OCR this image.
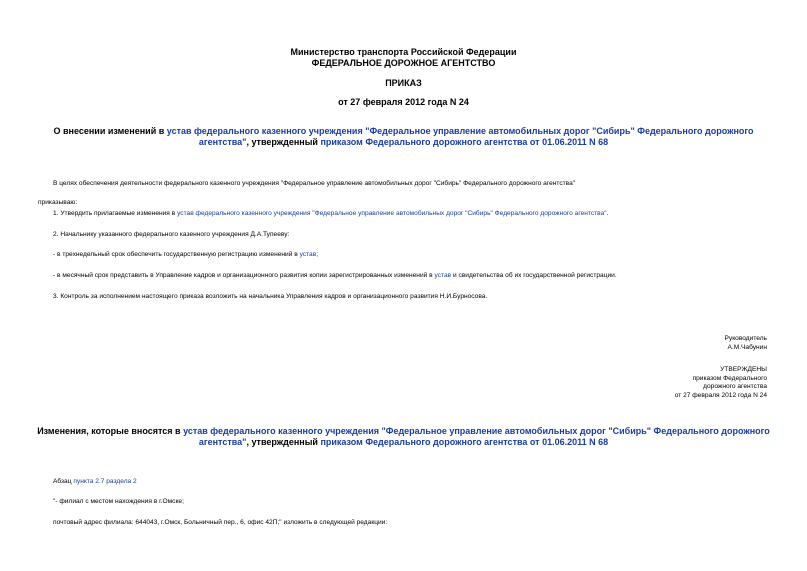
Министерство транспорта Российской Федерации
ФЕДЕРАЛЬНОЕ ДОРОЖНОЕ АГЕНТСТВО
ПРИКАЗ
от 27 февраля 2012 года N 24
О внесении изменений в устав федерального казенного учреждения "Федеральное управление автомобильных дорог "Сибирь" Федерального дорожного
агентства", утвержденный приказом Федерального дорожного агентства от 01.06.2011 N 68
В целях обеспечения деятельности федерального казенного учреждения "Федеральное управление автомобильных дорог "Сибирь" Федерального дорожного агентства"
приказываю:
1. Утвердить прилагаемые изменения в устав федерального казенного учреждения "Федеральное управление автомобильных дорог "Сибирь" Федерального дорожного агентства".
2. Начальнику указанного федерального казенного учреждения Д.А.Тупееву:
- в трехнедельный срок обеспечить государственную регистрацию изменений в устав;
- в месячный срок представить в Управление кадров и организационного развития копии зарегистрированных изменений в устав и свидетельства об их государственной регистрации.
3. Контроль за исполнением настоящего приказа возложить на начальника Управления кадров и организационного развития Н.И.Бурносова.
Руководитель
А.М.Чабунин
УТВЕРЖДЕНЫ
приказом Федерального
дорожного агентства
от 27 февраля 2012 года N 24
Изменения, которые вносятся в устав федерального казенного учреждения "Федеральное управление автомобильных дорог "Сибирь" Федерального дорожного
агентства", утвержденный приказом Федерального дорожного агентства от 01.06.2011 N 68
Абзац пункта 2.7 раздела 2
"- филиал с местом нахождения в г.Омске;
почтовый адрес филиала: 644043, г.Омск, Больничный пер., 6, офис 42П;" изложить в следующей редакции:
